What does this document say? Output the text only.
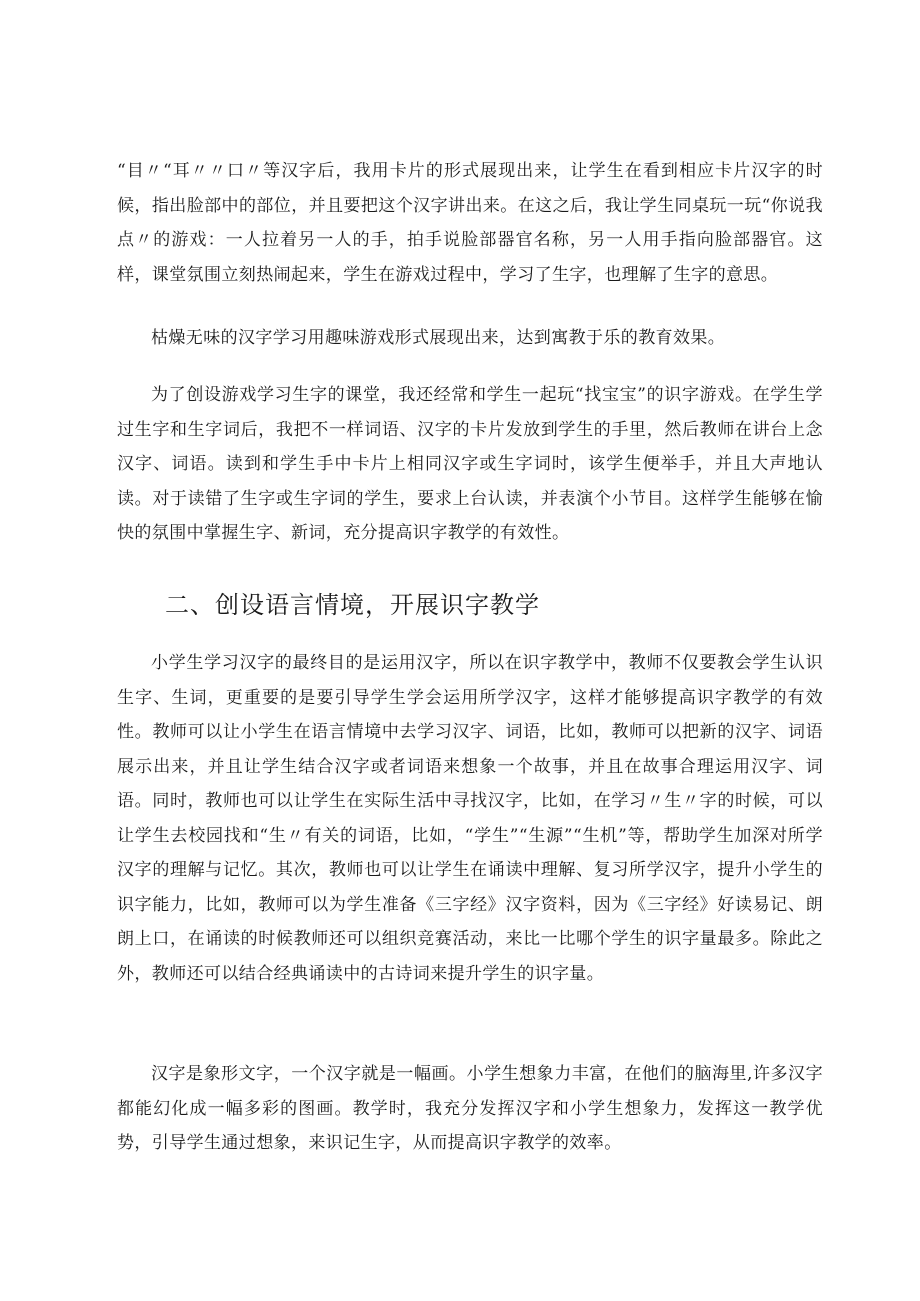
“目〃“耳〃〃口〃等汉字后，我用卡片的形式展现出来，让学生在看到相应卡片汉字的时候，指出脸部中的部位，并且要把这个汉字讲出来。在这之后，我让学生同桌玩一玩“你说我点〃的游戏：一人拉着另一人的手，拍手说脸部器官名称，另一人用手指向脸部器官。这样，课堂氛围立刻热闹起来，学生在游戏过程中，学习了生字，也理解了生字的意思。

枯燥无味的汉字学习用趣味游戏形式展现出来，达到寓教于乐的教育效果。

为了创设游戏学习生字的课堂，我还经常和学生一起玩“找宝宝”的识字游戏。在学生学过生字和生字词后，我把不一样词语、汉字的卡片发放到学生的手里，然后教师在讲台上念汉字、词语。读到和学生手中卡片上相同汉字或生字词时，该学生便举手，并且大声地认读。对于读错了生字或生字词的学生，要求上台认读，并表演个小节目。这样学生能够在愉快的氛围中掌握生字、新词，充分提高识字教学的有效性。

二、创设语言情境，开展识字教学

小学生学习汉字的最终目的是运用汉字，所以在识字教学中，教师不仅要教会学生认识生字、生词，更重要的是要引导学生学会运用所学汉字，这样才能够提高识字教学的有效性。教师可以让小学生在语言情境中去学习汉字、词语，比如，教师可以把新的汉字、词语展示出来，并且让学生结合汉字或者词语来想象一个故事，并且在故事合理运用汉字、词语。同时，教师也可以让学生在实际生活中寻找汉字，比如，在学习〃生〃字的时候，可以让学生去校园找和“生〃有关的词语，比如，“学生”“生源”“生机”等，帮助学生加深对所学汉字的理解与记忆。其次，教师也可以让学生在诵读中理解、复习所学汉字，提升小学生的识字能力，比如，教师可以为学生准备《三字经》汉字资料，因为《三字经》好读易记、朗朗上口，在诵读的时候教师还可以组织竞赛活动，来比一比哪个学生的识字量最多。除此之外，教师还可以结合经典诵读中的古诗词来提升学生的识字量。

汉字是象形文字，一个汉字就是一幅画。小学生想象力丰富，在他们的脑海里,许多汉字都能幻化成一幅多彩的图画。教学时，我充分发挥汉字和小学生想象力，发挥这一教学优势，引导学生通过想象，来识记生字，从而提高识字教学的效率。
